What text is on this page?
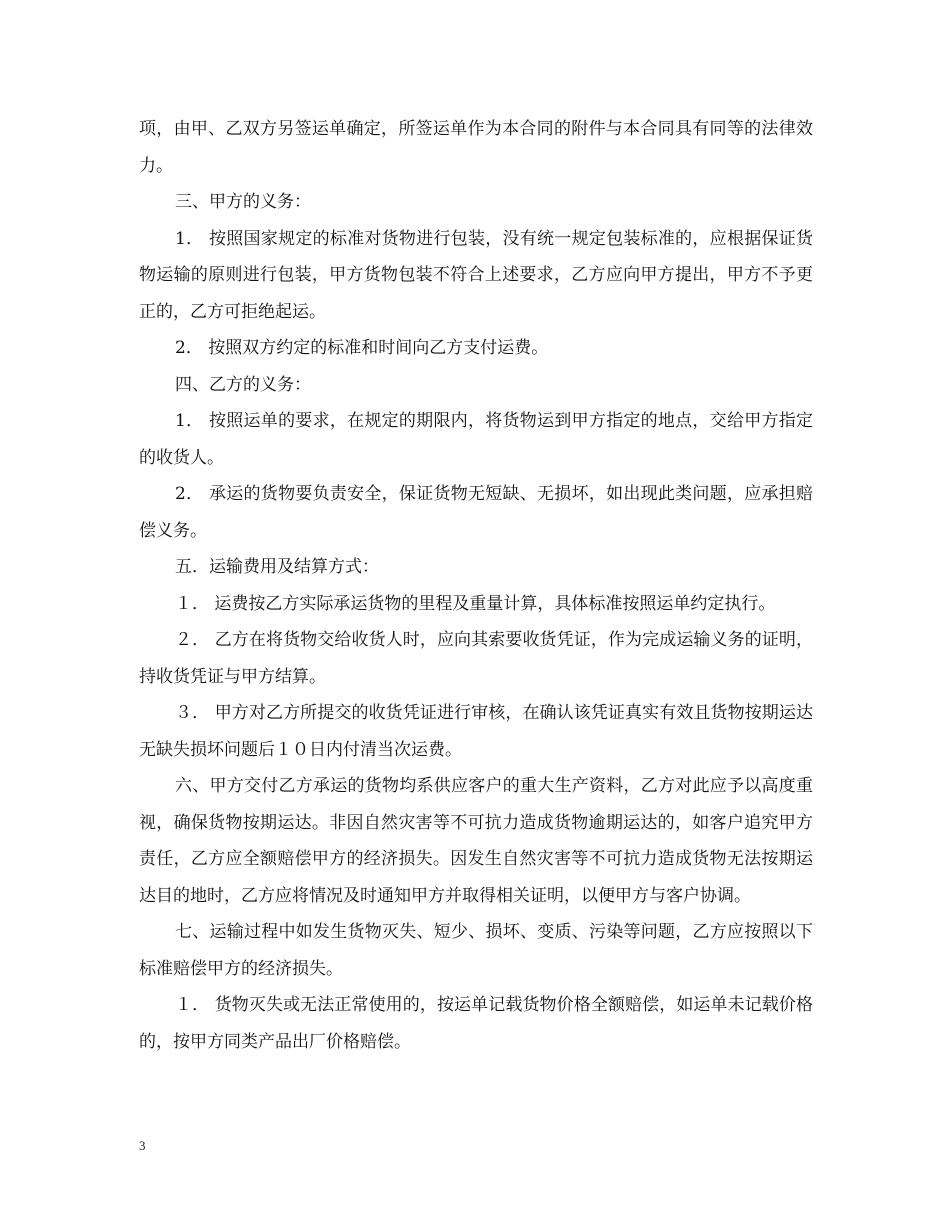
项，由甲、乙双方另签运单确定，所签运单作为本合同的附件与本合同具有同等的法律效力。

三、甲方的义务：

1． 按照国家规定的标准对货物进行包装，没有统一规定包装标准的，应根据保证货物运输的原则进行包装，甲方货物包装不符合上述要求，乙方应向甲方提出，甲方不予更正的，乙方可拒绝起运。

2． 按照双方约定的标准和时间向乙方支付运费。

四、乙方的义务：

1． 按照运单的要求，在规定的期限内，将货物运到甲方指定的地点，交给甲方指定的收货人。

2． 承运的货物要负责安全，保证货物无短缺、无损坏，如出现此类问题，应承担赔偿义务。

五．运输费用及结算方式：

１． 运费按乙方实际承运货物的里程及重量计算，具体标准按照运单约定执行。

２． 乙方在将货物交给收货人时，应向其索要收货凭证，作为完成运输义务的证明，持收货凭证与甲方结算。

３． 甲方对乙方所提交的收货凭证进行审核，在确认该凭证真实有效且货物按期运达无缺失损坏问题后１０日内付清当次运费。

六、甲方交付乙方承运的货物均系供应客户的重大生产资料，乙方对此应予以高度重视，确保货物按期运达。非因自然灾害等不可抗力造成货物逾期运达的，如客户追究甲方责任，乙方应全额赔偿甲方的经济损失。因发生自然灾害等不可抗力造成货物无法按期运达目的地时，乙方应将情况及时通知甲方并取得相关证明，以便甲方与客户协调。

七、运输过程中如发生货物灭失、短少、损坏、变质、污染等问题，乙方应按照以下标准赔偿甲方的经济损失。

１． 货物灭失或无法正常使用的，按运单记载货物价格全额赔偿，如运单未记载价格的，按甲方同类产品出厂价格赔偿。

3
